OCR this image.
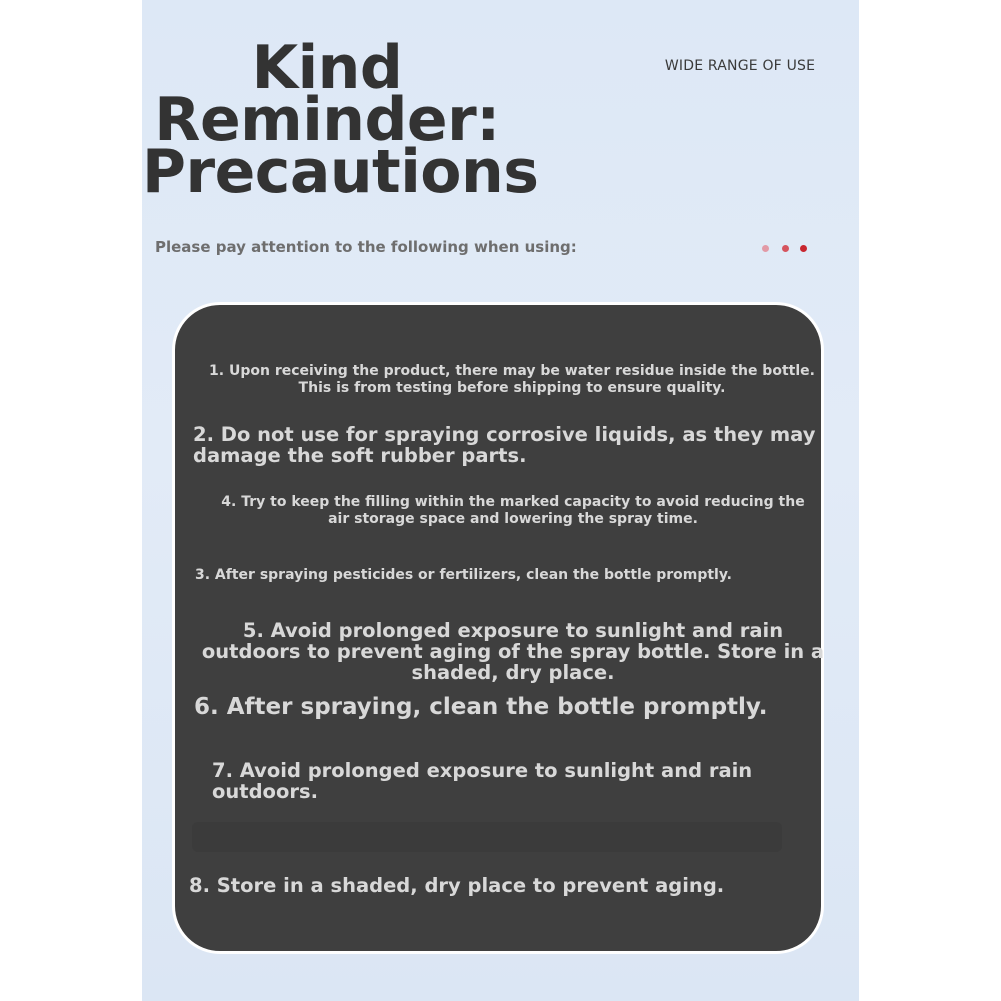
Kind
Reminder:
Precautions
WIDE RANGE OF USE
Please pay attention to the following when using:
1. Upon receiving the product, there may be water residue inside the bottle. This is from testing before shipping to ensure quality.
2. Do not use for spraying corrosive liquids, as they may damage the soft rubber parts.
4. Try to keep the filling within the marked capacity to avoid reducing the air storage space and lowering the spray time.
3. After spraying pesticides or fertilizers, clean the bottle promptly.
5. Avoid prolonged exposure to sunlight and rain outdoors to prevent aging of the spray bottle. Store in a shaded, dry place.
6. After spraying, clean the bottle promptly.
7. Avoid prolonged exposure to sunlight and rain outdoors.
8. Store in a shaded, dry place to prevent aging.
